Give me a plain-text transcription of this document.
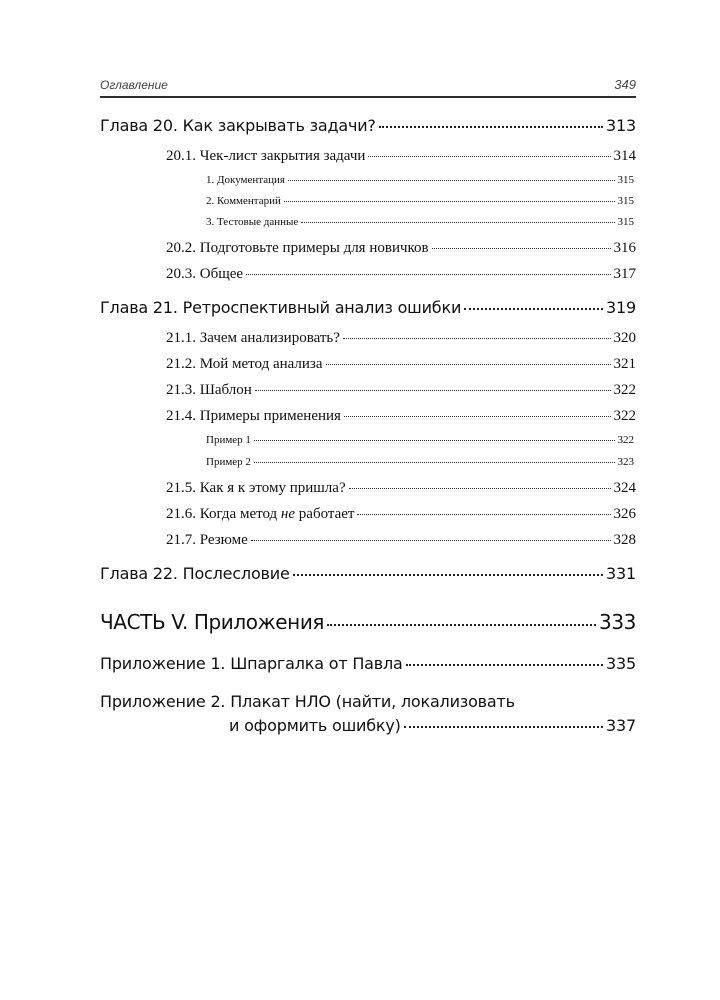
Оглавление	349
Глава 20. Как закрывать задачи?	313
20.1. Чек-лист закрытия задачи	314
1. Документация	315
2. Комментарий	315
3. Тестовые данные	315
20.2. Подготовьте примеры для новичков	316
20.3. Общее	317
Глава 21. Ретроспективный анализ ошибки	319
21.1. Зачем анализировать?	320
21.2. Мой метод анализа	321
21.3. Шаблон	322
21.4. Примеры применения	322
Пример 1	322
Пример 2	323
21.5. Как я к этому пришла?	324
21.6. Когда метод не работает	326
21.7. Резюме	328
Глава 22. Послесловие	331
ЧАСТЬ V. Приложения	333
Приложение 1. Шпаргалка от Павла	335
Приложение 2. Плакат НЛО (найти, локализовать
и оформить ошибку)	337
